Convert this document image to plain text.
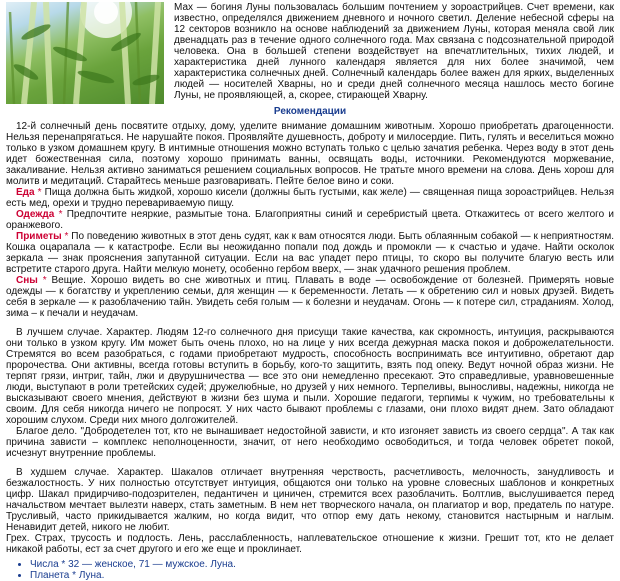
Мах — богиня Луны пользовалась большим почтением у зороастрийцев. Счет времени, как известно, определялся движением дневного и ночного светил. Деление небесной сферы на 12 секторов возникло на основе наблюдений за движением Луны, которая меняла свой лик двенадцать раз в течение одного солнечного года. Мах связана с подсознательной природой человека. Она в большей степени воздействует на впечатлительных, тихих людей, и характеристика дней лунного календаря является для них более значимой, чем характеристика солнечных дней. Солнечный календарь более важен для ярких, выделенных людей — носителей Хварны, но и среди дней солнечного месяца нашлось место богине Луны, не проявляющей, а, скорее, стирающей Хварну.

Рекомендации

12-й солнечный день посвятите отдыху, дому, уделите внимание домашним животным. Хорошо приобретать драгоценности. Нельзя перенапрягаться. Не нарушайте покоя. Проявляйте душевность, доброту и милосердие. Пить, гулять и веселиться можно только в узком домашнем кругу. В интимные отношения можно вступать только с целью зачатия ребенка. Через воду в этот день идет божественная сила, поэтому хорошо принимать ванны, освящать воды, источники. Рекомендуются моржевание, закаливание. Нельзя активно заниматься решением социальных вопросов. Не тратьте много времени на слова. День хорош для молитв и медитаций. Старайтесь меньше разговаривать. Пейте белое вино и соки.

Еда * Пища должна быть жидкой, хорошо кисели (должны быть густыми, как желе) — священная пища зороастрийцев. Нельзя есть мед, орехи и трудно перевариваемую пищу.

Одежда * Предпочтите неяркие, размытые тона. Благоприятны синий и серебристый цвета. Откажитесь от всего желтого и оранжевого.

Приметы * По поведению животных в этот день судят, как к вам относятся люди. Быть облаянным собакой — к неприятностям. Кошка оцарапала — к катастрофе. Если вы неожиданно попали под дождь и промокли — к счастью и удаче. Найти осколок зеркала — знак прояснения запутанной ситуации. Если на вас упадет перо птицы, то скоро вы получите благую весть или встретите старого друга. Найти мелкую монету, особенно гербом вверх, — знак удачного решения проблем.

Сны * Вещие. Хорошо видеть во сне животных и птиц. Плавать в воде — освобождение от болезней. Примерять новые одежды — к богатству и укреплению семьи, для женщин — к беременности. Летать — к обретению сил и новых друзей. Видеть себя в зеркале — к разоблачению тайн. Увидеть себя голым — к болезни и неудачам. Огонь — к потере сил, страданиям. Холод, зима – к печали и неудачам.

В лучшем случае. Характер. Людям 12-го солнечного дня присущи такие качества, как скромность, интуиция, раскрываются они только в узком кругу. Им может быть очень плохо, но на лице у них всегда дежурная маска покоя и доброжелательности. Стремятся во всем разобраться, с годами приобретают мудрость, способность воспринимать все интуитивно, обретают дар пророчества. Они активны, всегда готовы вступить в борьбу, кого-то защитить, взять под опеку. Ведут ночной образ жизни. Не терпят грязи, интриг, тайн, лжи и двурушничества — все это они немедленно пресекают. Это справедливые, уравновешенные люди, выступают в роли третейских судей; дружелюбные, но друзей у них немного. Терпеливы, выносливы, надежны, никогда не высказывают своего мнения, действуют в жизни без шума и пыли. Хорошие педагоги, терпимы к чужим, но требовательны к своим. Для себя никогда ничего не попросят. У них часто бывают проблемы с глазами, они плохо видят днем. Зато обладают хорошим слухом. Среди них много долгожителей.

Благое дело. "Добродетелен тот, кто не вынашивает недостойной зависти, и кто изгоняет зависть из своего сердца". А так как причина зависти – комплекс неполноценности, значит, от него необходимо освободиться, и тогда человек обретет покой, исчезнут внутренние проблемы.

В худшем случае. Характер. Шакалов отличает внутренняя черствость, расчетливость, мелочность, занудливость и безжалостность. У них полностью отсутствует интуиция, общаются они только на уровне словесных шаблонов и конкретных цифр. Шакал придирчиво-подозрителен, педантичен и циничен, стремится всех разоблачить. Болтлив, выслушивается перед начальством мечтает вылезти наверх, стать заметным. В нем нет творческого начала, он плагиатор и вор, предатель по натуре. Трусливый, часто прикидывается жалким, но когда видит, что отпор ему дать некому, становится настырным и наглым. Ненавидит детей, никого не любит.

Грех. Страх, трусость и подлость. Лень, расслабленность, наплевательское отношение к жизни. Грешит тот, кто не делает никакой работы, ест за счет другого и его же еще и проклинает.

• Числа * 32 — женское, 71 — мужское. Луна.
• Планета * Луна.
